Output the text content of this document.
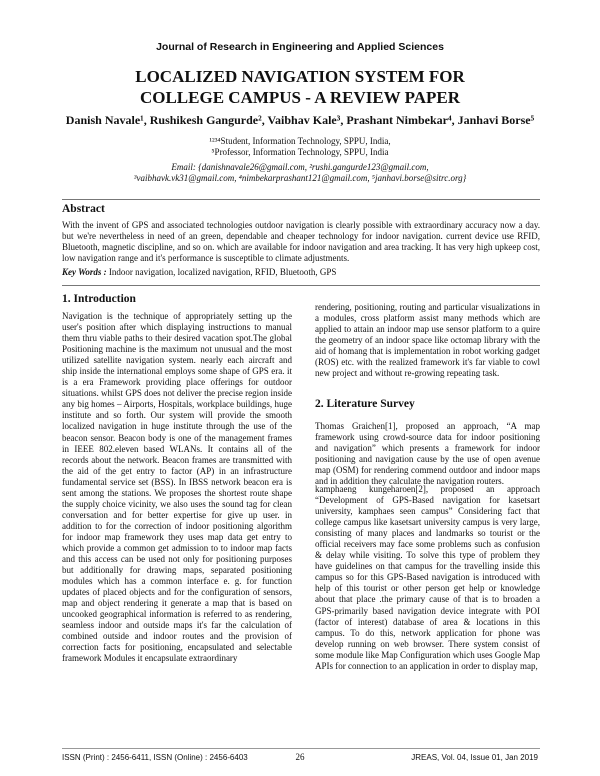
Journal of Research in Engineering and Applied Sciences
LOCALIZED NAVIGATION SYSTEM FOR
COLLEGE CAMPUS - A REVIEW PAPER
Danish Navale¹, Rushikesh Gangurde², Vaibhav Kale³, Prashant Nimbekar⁴, Janhavi Borse⁵
¹²³⁴Student, Information Technology, SPPU, India,
⁵Professor, Information Technology, SPPU, India
Email: {danishnavale26@gmail.com, ²rushi.gangurde123@gmail.com,
³vaibhavk.vk31@gmail.com, ⁴nimbekarprashant121@gmail.com, ⁵janhavi.borse@sitrc.org}
Abstract
With the invent of GPS and associated technologies outdoor navigation is clearly possible with extraordinary accuracy now a day. but we're nevertheless in need of an green, dependable and cheaper technology for indoor navigation. current device use RFID, Bluetooth, magnetic discipline, and so on. which are available for indoor navigation and area tracking. It has very high upkeep cost, low navigation range and it's performance is susceptible to climate adjustments.
Key Words : Indoor navigation, localized navigation, RFID, Bluetooth, GPS
1. Introduction
Navigation is the technique of appropriately setting up the user's position after which displaying instructions to manual them thru viable paths to their desired vacation spot.The global Positioning machine is the maximum not unusual and the most utilized satellite navigation system. nearly each aircraft and ship inside the international employs some shape of GPS era. it is a era Framework providing place offerings for outdoor situations. whilst GPS does not deliver the precise region inside any big homes – Airports, Hospitals, workplace buildings, huge institute and so forth. Our system will provide the smooth localized navigation in huge institute through the use of the beacon sensor. Beacon body is one of the management frames in IEEE 802.eleven based WLANs. It contains all of the records about the network. Beacon frames are transmitted with the aid of the get entry to factor (AP) in an infrastructure fundamental service set (BSS). In IBSS network beacon era is sent among the stations. We proposes the shortest route shape the supply choice vicinity, we also uses the sound tag for clean conversation and for better expertise for give up user. in addition to for the correction of indoor positioning algorithm for indoor map framework they uses map data get entry to which provide a common get admission to to indoor map facts and this access can be used not only for positioning purposes but additionally for drawing maps, separated positioning modules which has a common interface e. g. for function updates of placed objects and for the configuration of sensors, map and object rendering it generate a map that is based on uncooked geographical information is referred to as rendering, seamless indoor and outside maps it's far the calculation of combined outside and indoor routes and the provision of correction facts for positioning, encapsulated and selectable framework Modules it encapsulate extraordinary
rendering, positioning, routing and particular visualizations in a modules, cross platform assist many methods which are applied to attain an indoor map use sensor platform to a quire the geometry of an indoor space like octomap library with the aid of homang that is implementation in robot working gadget (ROS) etc. with the realized framework it's far viable to cowl new project and without re-growing repeating task.
2. Literature Survey
Thomas Graichen[1], proposed an approach, “A map framework using crowd-source data for indoor positioning and navigation” which presents a framework for indoor positioning and navigation cause by the use of open avenue map (OSM) for rendering commend outdoor and indoor maps and in addition they calculate the navigation routers.
kamphaeng kungeharoen[2], proposed an approach “Development of GPS-Based navigation for kasetsart university, kamphaes seen campus” Considering fact that college campus like kasetsart university campus is very large, consisting of many places and landmarks so tourist or the official receivers may face some problems such as confusion & delay while visiting. To solve this type of problem they have guidelines on that campus for the travelling inside this campus so for this GPS-Based navigation is introduced with help of this tourist or other person get help or knowledge about that place .the primary cause of that is to broaden a GPS-primarily based navigation device integrate with POI (factor of interest) database of area & locations in this campus. To do this, network application for phone was develop running on web browser. There system consist of some module like Map Configuration which uses Google Map APIs for connection to an application in order to display map,
ISSN (Print) : 2456-6411, ISSN (Online) : 2456-6403	26	JREAS, Vol. 04, Issue 01, Jan 2019
